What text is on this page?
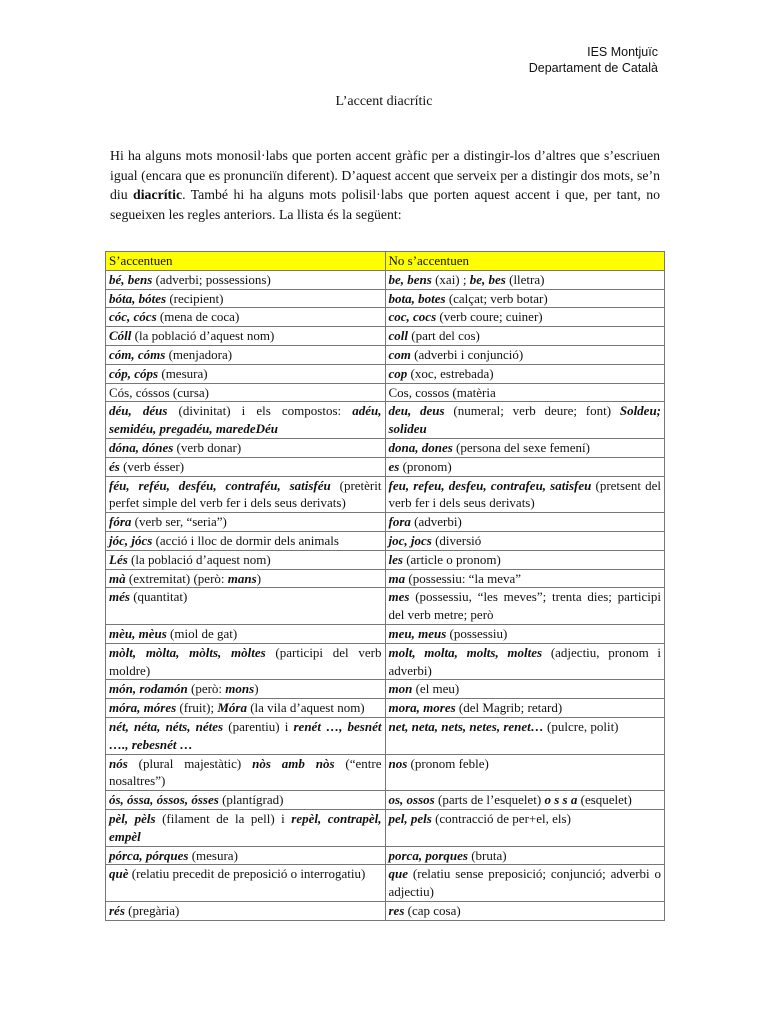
IES Montjuïc
Departament de Català
L’accent diacrític

Hi ha alguns mots monosil·labs que porten accent gràfic per a distingir-los d’altres que s’escriuen igual (encara que es pronunciïn diferent). D’aquest accent que serveix per a distingir dos mots, se’n diu diacrític. També hi ha alguns mots polisil·labs que porten aquest accent i que, per tant, no segueixen les regles anteriors. La llista és la següent:

S’accentuen	No s’accentuen
bé, bens (adverbi; possessions)	be, bens (xai) ; be, bes (lletra)
bóta, bótes (recipient)	bota, botes (calçat; verb botar)
cóc, cócs (mena de coca)	coc, cocs (verb coure; cuiner)
Cóll (la població d’aquest nom)	coll (part del cos)
cóm, cóms (menjadora)	com (adverbi i conjunció)
cóp, cóps (mesura)	cop (xoc, estrebada)
Cós, cóssos (cursa)	Cos, cossos (matèria
déu, déus (divinitat) i els compostos: adéu, semidéu, pregadéu, maredeDéu	deu, deus (numeral; verb deure; font) Soldeu; solideu
dóna, dónes (verb donar)	dona, dones (persona del sexe femení)
és (verb ésser)	es (pronom)
féu, reféu, desféu, contraféu, satisféu (pretèrit perfet simple del verb fer i dels seus derivats)	feu, refeu, desfeu, contrafeu, satisfeu (pretsent del verb fer i dels seus derivats)
fóra (verb ser, “seria”)	fora (adverbi)
jóc, jócs (acció i lloc de dormir dels animals	joc, jocs (diversió
Lés (la població d’aquest nom)	les (article o pronom)
mà (extremitat) (però: mans)	ma (possessiu: “la meva”
més (quantitat)	mes (possessiu, “les meves”; trenta dies; participi del verb metre; però
mèu, mèus (miol de gat)	meu, meus (possessiu)
mòlt, mòlta, mòlts, mòltes (participi del verb moldre)	molt, molta, molts, moltes (adjectiu, pronom i adverbi)
món, rodamón (però: mons)	mon (el meu)
móra, móres (fruit); Móra (la vila d’aquest nom)	mora, mores (del Magrib; retard)
nét, néta, néts, nétes (parentiu) i renét …, besnét …., rebesnét …	net, neta, nets, netes, renet… (pulcre, polit)
nós (plural majestàtic) nòs amb nòs (“entre nosaltres”)	nos (pronom feble)
ós, óssa, óssos, ósses (plantígrad)	os, ossos (parts de l’esquelet) o s s a (esquelet)
pèl, pèls (filament de la pell) i repèl, contrapèl, empèl	pel, pels (contracció de per+el, els)
pórca, pórques (mesura)	porca, porques (bruta)
què (relatiu precedit de preposició o interrogatiu)	que (relatiu sense preposició; conjunció; adverbi o adjectiu)
rés (pregària)	res (cap cosa)
